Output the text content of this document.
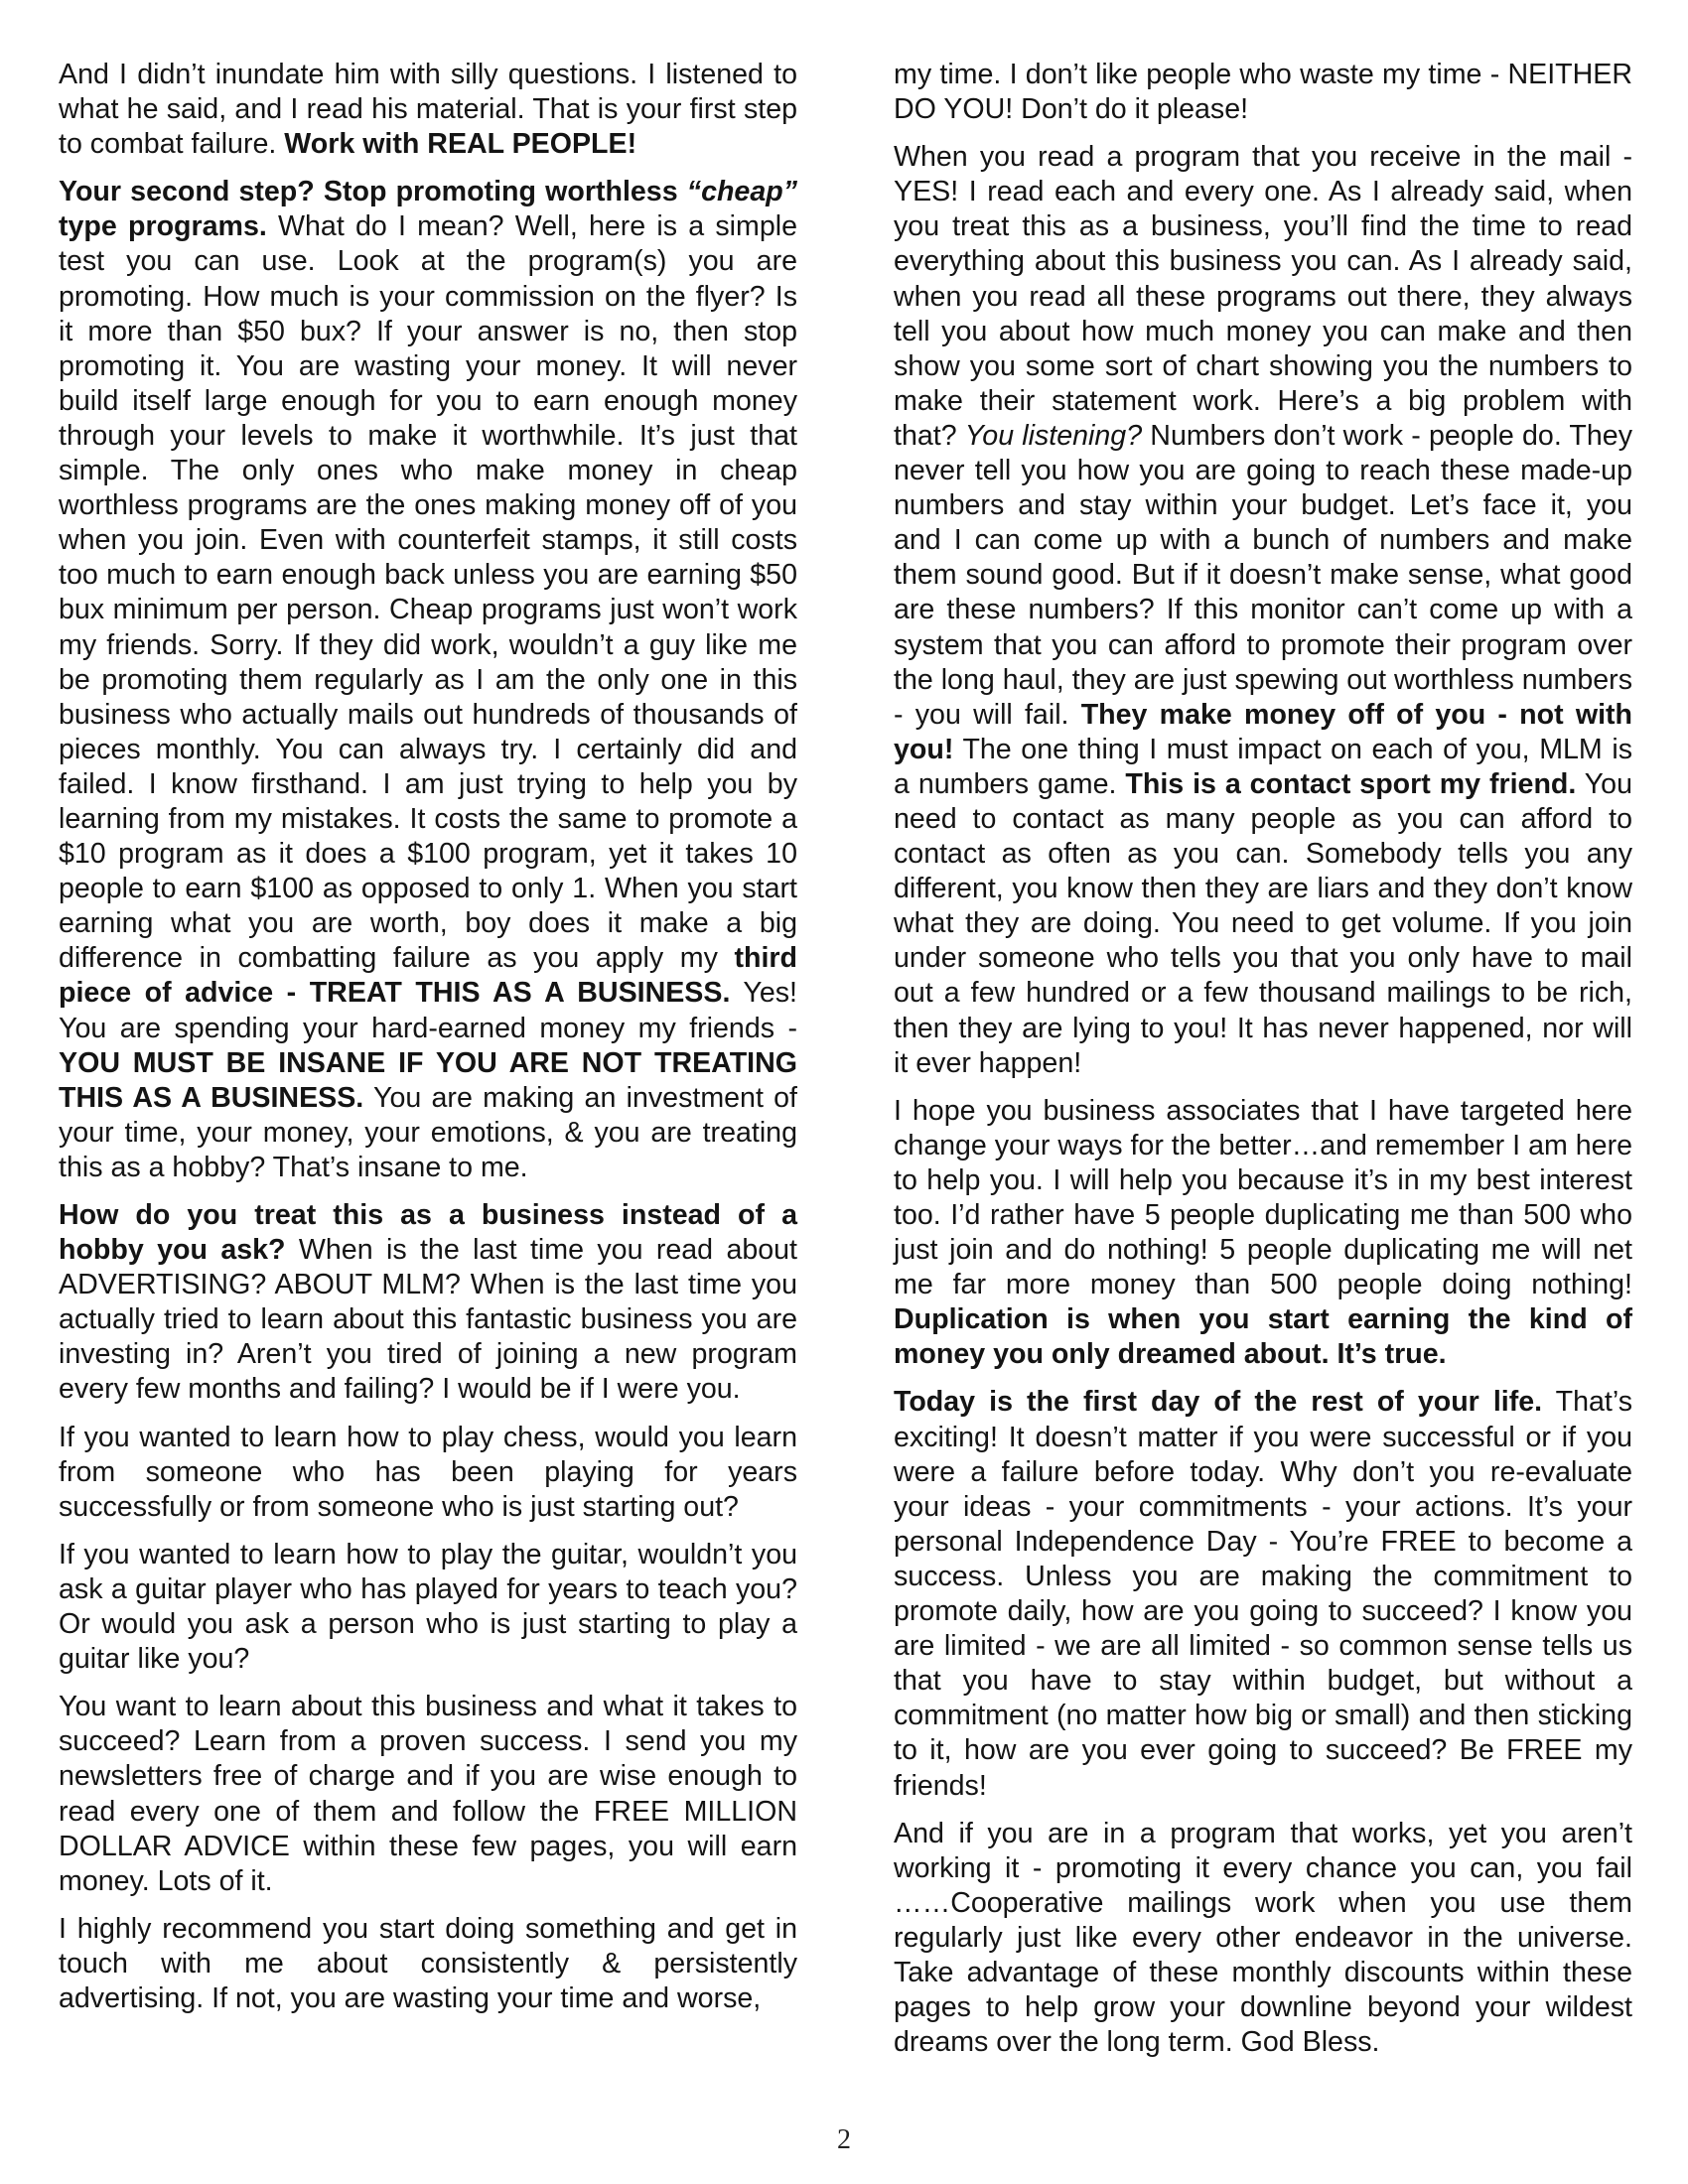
And I didn’t inundate him with silly questions. I listened to what he said, and I read his material. That is your first step to combat failure. Work with REAL PEOPLE!

Your second step? Stop promoting worthless “cheap” type programs. What do I mean? Well, here is a simple test you can use. Look at the program(s) you are promoting. How much is your commission on the flyer? Is it more than $50 bux? If your answer is no, then stop promoting it. You are wasting your money. It will never build itself large enough for you to earn enough money through your levels to make it worthwhile. It’s just that simple. The only ones who make money in cheap worthless programs are the ones making money off of you when you join. Even with counterfeit stamps, it still costs too much to earn enough back unless you are earning $50 bux minimum per person. Cheap programs just won’t work my friends. Sorry. If they did work, wouldn’t a guy like me be promoting them regularly as I am the only one in this business who actually mails out hundreds of thousands of pieces monthly. You can always try. I certainly did and failed. I know firsthand. I am just trying to help you by learning from my mistakes. It costs the same to promote a $10 program as it does a $100 program, yet it takes 10 people to earn $100 as opposed to only 1. When you start earning what you are worth, boy does it make a big difference in combatting failure as you apply my third piece of advice - TREAT THIS AS A BUSINESS. Yes! You are spending your hard-earned money my friends - YOU MUST BE INSANE IF YOU ARE NOT TREATING THIS AS A BUSINESS. You are making an investment of your time, your money, your emotions, & you are treating this as a hobby? That’s insane to me.

How do you treat this as a business instead of a hobby you ask? When is the last time you read about ADVERTISING? ABOUT MLM? When is the last time you actually tried to learn about this fantastic business you are investing in? Aren’t you tired of joining a new program every few months and failing? I would be if I were you.

If you wanted to learn how to play chess, would you learn from someone who has been playing for years successfully or from someone who is just starting out?

If you wanted to learn how to play the guitar, wouldn’t you ask a guitar player who has played for years to teach you? Or would you ask a person who is just starting to play a guitar like you?

You want to learn about this business and what it takes to succeed? Learn from a proven success. I send you my newsletters free of charge and if you are wise enough to read every one of them and follow the FREE MILLION DOLLAR ADVICE within these few pages, you will earn money. Lots of it.

I highly recommend you start doing something and get in touch with me about consistently & persistently advertising. If not, you are wasting your time and worse,

my time. I don’t like people who waste my time - NEITHER DO YOU! Don’t do it please!

When you read a program that you receive in the mail - YES! I read each and every one. As I already said, when you treat this as a business, you’ll find the time to read everything about this business you can. As I already said, when you read all these programs out there, they always tell you about how much money you can make and then show you some sort of chart showing you the numbers to make their statement work. Here’s a big problem with that? You listening? Numbers don’t work - people do. They never tell you how you are going to reach these made-up numbers and stay within your budget. Let’s face it, you and I can come up with a bunch of numbers and make them sound good. But if it doesn’t make sense, what good are these numbers? If this monitor can’t come up with a system that you can afford to promote their program over the long haul, they are just spewing out worthless numbers - you will fail. They make money off of you - not with you! The one thing I must impact on each of you, MLM is a numbers game. This is a contact sport my friend. You need to contact as many people as you can afford to contact as often as you can. Somebody tells you any different, you know then they are liars and they don’t know what they are doing. You need to get volume. If you join under someone who tells you that you only have to mail out a few hundred or a few thousand mailings to be rich, then they are lying to you! It has never happened, nor will it ever happen!

I hope you business associates that I have targeted here change your ways for the better…and remember I am here to help you. I will help you because it’s in my best interest too. I’d rather have 5 people duplicating me than 500 who just join and do nothing! 5 people duplicating me will net me far more money than 500 people doing nothing! Duplication is when you start earning the kind of money you only dreamed about. It’s true.

Today is the first day of the rest of your life. That’s exciting! It doesn’t matter if you were successful or if you were a failure before today. Why don’t you re-evaluate your ideas - your commitments - your actions. It’s your personal Independence Day - You’re FREE to become a success. Unless you are making the commitment to promote daily, how are you going to succeed? I know you are limited - we are all limited - so common sense tells us that you have to stay within budget, but without a commitment (no matter how big or small) and then sticking to it, how are you ever going to succeed? Be FREE my friends!

And if you are in a program that works, yet you aren’t working it - promoting it every chance you can, you fail ……Cooperative mailings work when you use them regularly just like every other endeavor in the universe. Take advantage of these monthly discounts within these pages to help grow your downline beyond your wildest dreams over the long term. God Bless.

2
